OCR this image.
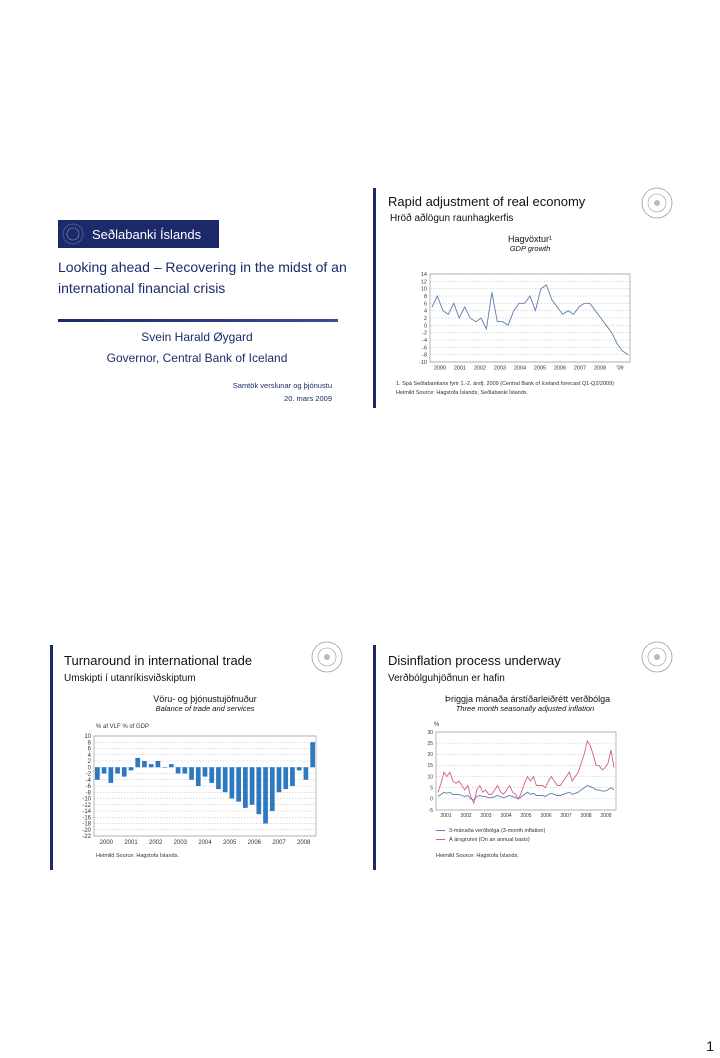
Seðlabanki Íslands
Looking ahead – Recovering in the midst of an international financial crisis
Svein Harald Øygard
Governor, Central Bank of Iceland
Samtök verslunar og þjónustu
20. mars 2009
Rapid adjustment of real economy
Hröð aðlögun raunhagkerfis
Hagvöxtur¹
GDP growth
14
12
10
8
6
4
2
0
-2
-4
-6
-8
-10
2000 2001 2002 2003 2004 2005 2006 2007 2008 '09
1. Spá Seðlabankans fyrir 1.-2. ársfj. 2009 (Central Bank of Iceland forecast Q1-Q2/2009)
Heimild Source: Hagstofa Íslands, Seðlabanki Íslands.
Turnaround in international trade
Umskipti í utanríkisviðskiptum
Vöru- og þjónustujöfnuður
Balance of trade and services
% af VLF % of GDP
10
8
6
4
2
0
-2
-4
-6
-8
-10
-12
-14
-16
-18
-20
-22
2000 2001 2002 2003 2004 2005 2006 2007 2008
Heimild Source: Hagstofa Íslands.
Disinflation process underway
Verðbólguhjöðnun er hafin
Þriggja mánaða árstíðarleiðrétt verðbólga
Three month seasonally adjusted inflation
%
30
25
20
15
10
5
0
-5
2001 2002 2003 2004 2005 2006 2007 2008 2009
3-mánaða verðbólga (3-month inflation)
Á ársgrunni (On an annual basis)
Heimild Source: Hagstofa Íslands.
1
